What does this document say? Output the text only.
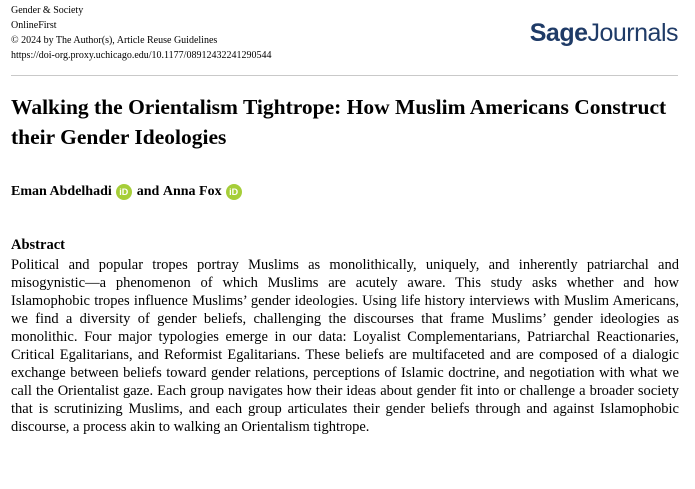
Gender & Society
OnlineFirst
© 2024 by The Author(s), Article Reuse Guidelines
https://doi-org.proxy.uchicago.edu/10.1177/08912432241290544
SageJournals
Walking the Orientalism Tightrope: How Muslim Americans Construct their Gender Ideologies
Eman Abdelhadi iD and
Anna Fox iD
Abstract

Political and popular tropes portray Muslims as monolithically, uniquely, and inherently patriarchal and misogynistic—a phenomenon of which Muslims are acutely aware. This study asks whether and how Islamophobic tropes influence Muslims’ gender ideologies. Using life history interviews with Muslim Americans, we find a diversity of gender beliefs, challenging the discourses that frame Muslims’ gender ideologies as monolithic. Four major typologies emerge in our data: Loyalist Complementarians, Patriarchal Reactionaries, Critical Egalitarians, and Reformist Egalitarians. These beliefs are multifaceted and are composed of a dialogic exchange between beliefs toward gender relations, perceptions of Islamic doctrine, and negotiation with what we call the Orientalist gaze. Each group navigates how their ideas about gender fit into or challenge a broader society that is scrutinizing Muslims, and each group articulates their gender beliefs through and against Islamophobic discourse, a process akin to walking an Orientalism tightrope.
